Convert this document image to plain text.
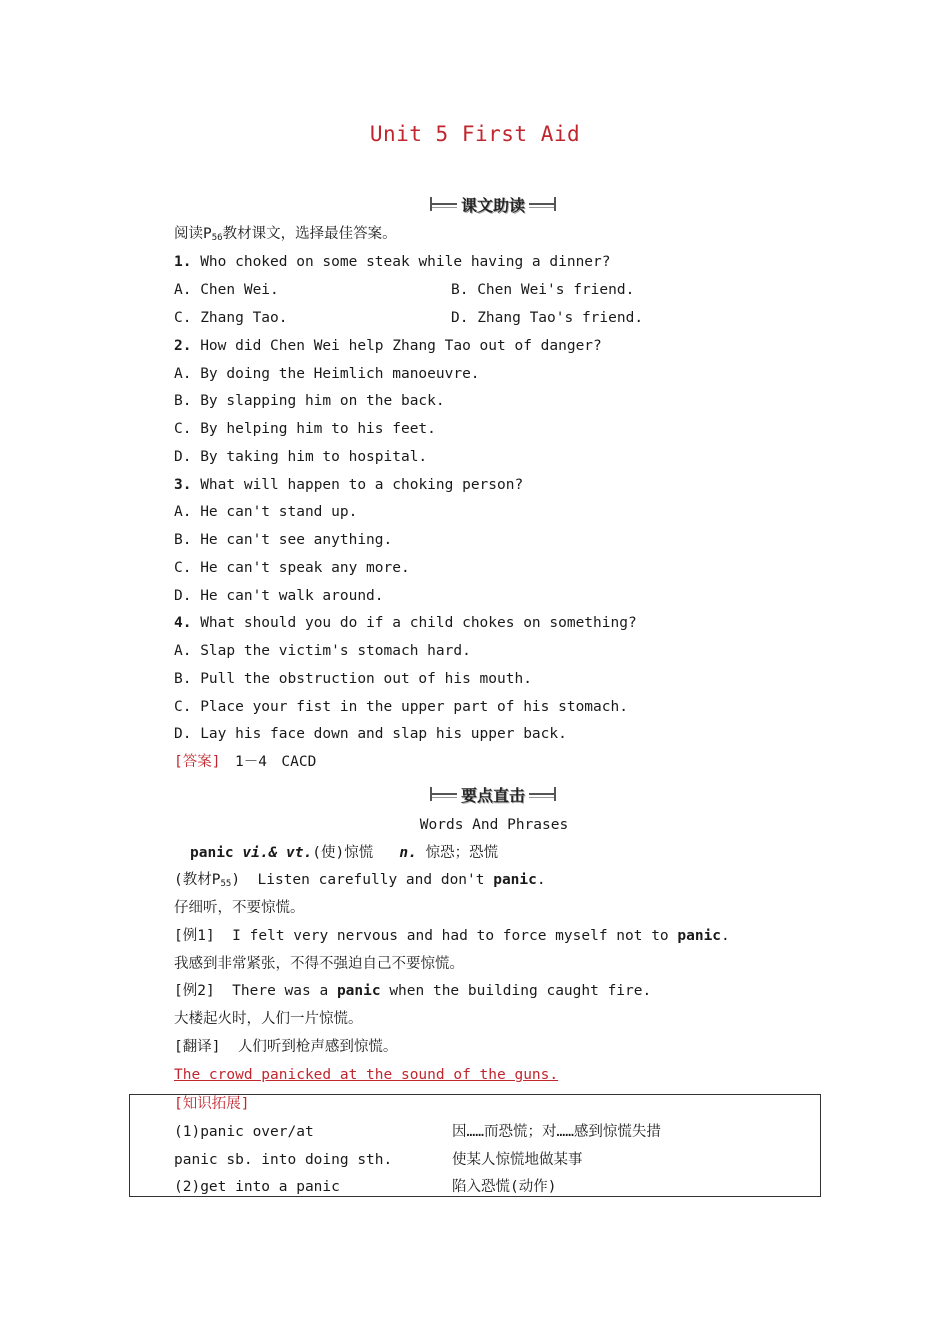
Unit 5 First Aid
课文助读
阅读$P_{56}$教材课文，选择最佳答案。
1. Who choked on some steak while having a dinner?
A. Chen Wei.	B. Chen Wei's friend.
C. Zhang Tao.	D. Zhang Tao's friend.
2. How did Chen Wei help Zhang Tao out of danger?
A. By doing the Heimlich manoeuvre.
B. By slapping him on the back.
C. By helping him to his feet.
D. By taking him to hospital.
3. What will happen to a choking person?
A. He can't stand up.
B. He can't see anything.
C. He can't speak any more.
D. He can't walk around.
4. What should you do if a child chokes on something?
A. Slap the victim's stomach hard.
B. Pull the obstruction out of his mouth.
C. Place your fist in the upper part of his stomach.
D. Lay his face down and slap his upper back.
[答案]　 1－4　CACD
要点直击
Words And Phrases
panic vi.& vt.(使)惊慌 n. 惊恐；恐慌
(教材$P_{55}$) Listen carefully and don't panic.
仔细听，不要惊慌。
[例1] I felt very nervous and had to force myself not to panic.
我感到非常紧张，不得不强迫自己不要惊慌。
[例2] There was a panic when the building caught fire.
大楼起火时，人们一片惊慌。
[翻译] 人们听到枪声感到惊慌。
The crowd panicked at the sound of the guns.
[知识拓展]
(1)panic over/at	因……而恐慌；对……感到惊慌失措
panic sb. into doing sth.	使某人惊慌地做某事
(2)get into a panic	陷入恐慌(动作)
